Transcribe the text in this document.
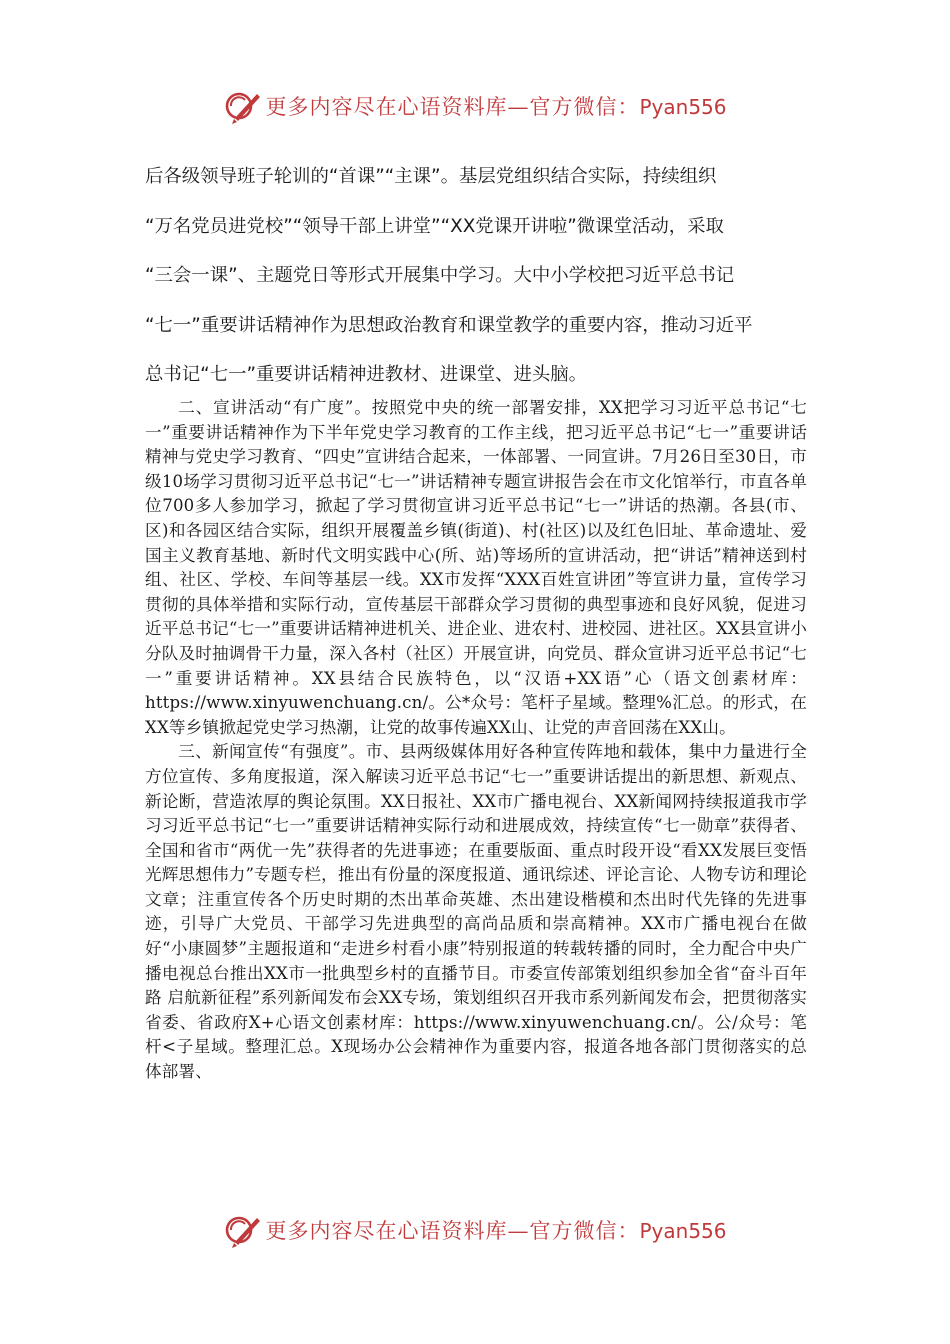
更多内容尽在心语资料库—官方微信：Pyan556

后各级领导班子轮训的“首课”“主课”。基层党组织结合实际，持续组织

“万名党员进党校”“领导干部上讲堂”“XX党课开讲啦”微课堂活动，采取

“三会一课”、主题党日等形式开展集中学习。大中小学校把习近平总书记

“七一”重要讲话精神作为思想政治教育和课堂教学的重要内容，推动习近平

总书记“七一”重要讲话精神进教材、进课堂、进头脑。

二、宣讲活动“有广度”。按照党中央的统一部署安排，XX把学习习近平总书记“七一”重要讲话精神作为下半年党史学习教育的工作主线，把习近平总书记“七一”重要讲话精神与党史学习教育、“四史”宣讲结合起来，一体部署、一同宣讲。7月26日至30日，市级10场学习贯彻习近平总书记“七一”讲话精神专题宣讲报告会在市文化馆举行，市直各单位700多人参加学习，掀起了学习贯彻宣讲习近平总书记“七一”讲话的热潮。各县(市、区)和各园区结合实际，组织开展覆盖乡镇(街道)、村(社区)以及红色旧址、革命遗址、爱国主义教育基地、新时代文明实践中心(所、站)等场所的宣讲活动，把“讲话”精神送到村组、社区、学校、车间等基层一线。XX市发挥“XXX百姓宣讲团”等宣讲力量，宣传学习贯彻的具体举措和实际行动，宣传基层干部群众学习贯彻的典型事迹和良好风貌，促进习近平总书记“七一”重要讲话精神进机关、进企业、进农村、进校园、进社区。XX县宣讲小分队及时抽调骨干力量，深入各村（社区）开展宣讲，向党员、群众宣讲习近平总书记“七一”重要讲话精神。XX县结合民族特色，以“汉语+XX语”心（语文创素材库：https://www.xinyuwenchuang.cn/。公*众号：笔杆子星域。整理%汇总。的形式，在XX等乡镇掀起党史学习热潮，让党的故事传遍XX山、让党的声音回荡在XX山。

三、新闻宣传“有强度”。市、县两级媒体用好各种宣传阵地和载体，集中力量进行全方位宣传、多角度报道，深入解读习近平总书记“七一”重要讲话提出的新思想、新观点、新论断，营造浓厚的舆论氛围。XX日报社、XX市广播电视台、XX新闻网持续报道我市学习习近平总书记“七一”重要讲话精神实际行动和进展成效，持续宣传“七一勋章”获得者、全国和省市“两优一先”获得者的先进事迹；在重要版面、重点时段开设“看XX发展巨变悟光辉思想伟力”专题专栏，推出有份量的深度报道、通讯综述、评论言论、人物专访和理论文章；注重宣传各个历史时期的杰出革命英雄、杰出建设楷模和杰出时代先锋的先进事迹，引导广大党员、干部学习先进典型的高尚品质和崇高精神。XX市广播电视台在做好“小康圆梦”主题报道和“走进乡村看小康”特别报道的转载转播的同时，全力配合中央广播电视总台推出XX市一批典型乡村的直播节目。市委宣传部策划组织参加全省“奋斗百年路 启航新征程”系列新闻发布会XX专场，策划组织召开我市系列新闻发布会，把贯彻落实省委、省政府X+心语文创素材库：https://www.xinyuwenchuang.cn/。公/众号：笔杆<子星域。整理汇总。X现场办公会精神作为重要内容，报道各地各部门贯彻落实的总体部署、

更多内容尽在心语资料库—官方微信：Pyan556
